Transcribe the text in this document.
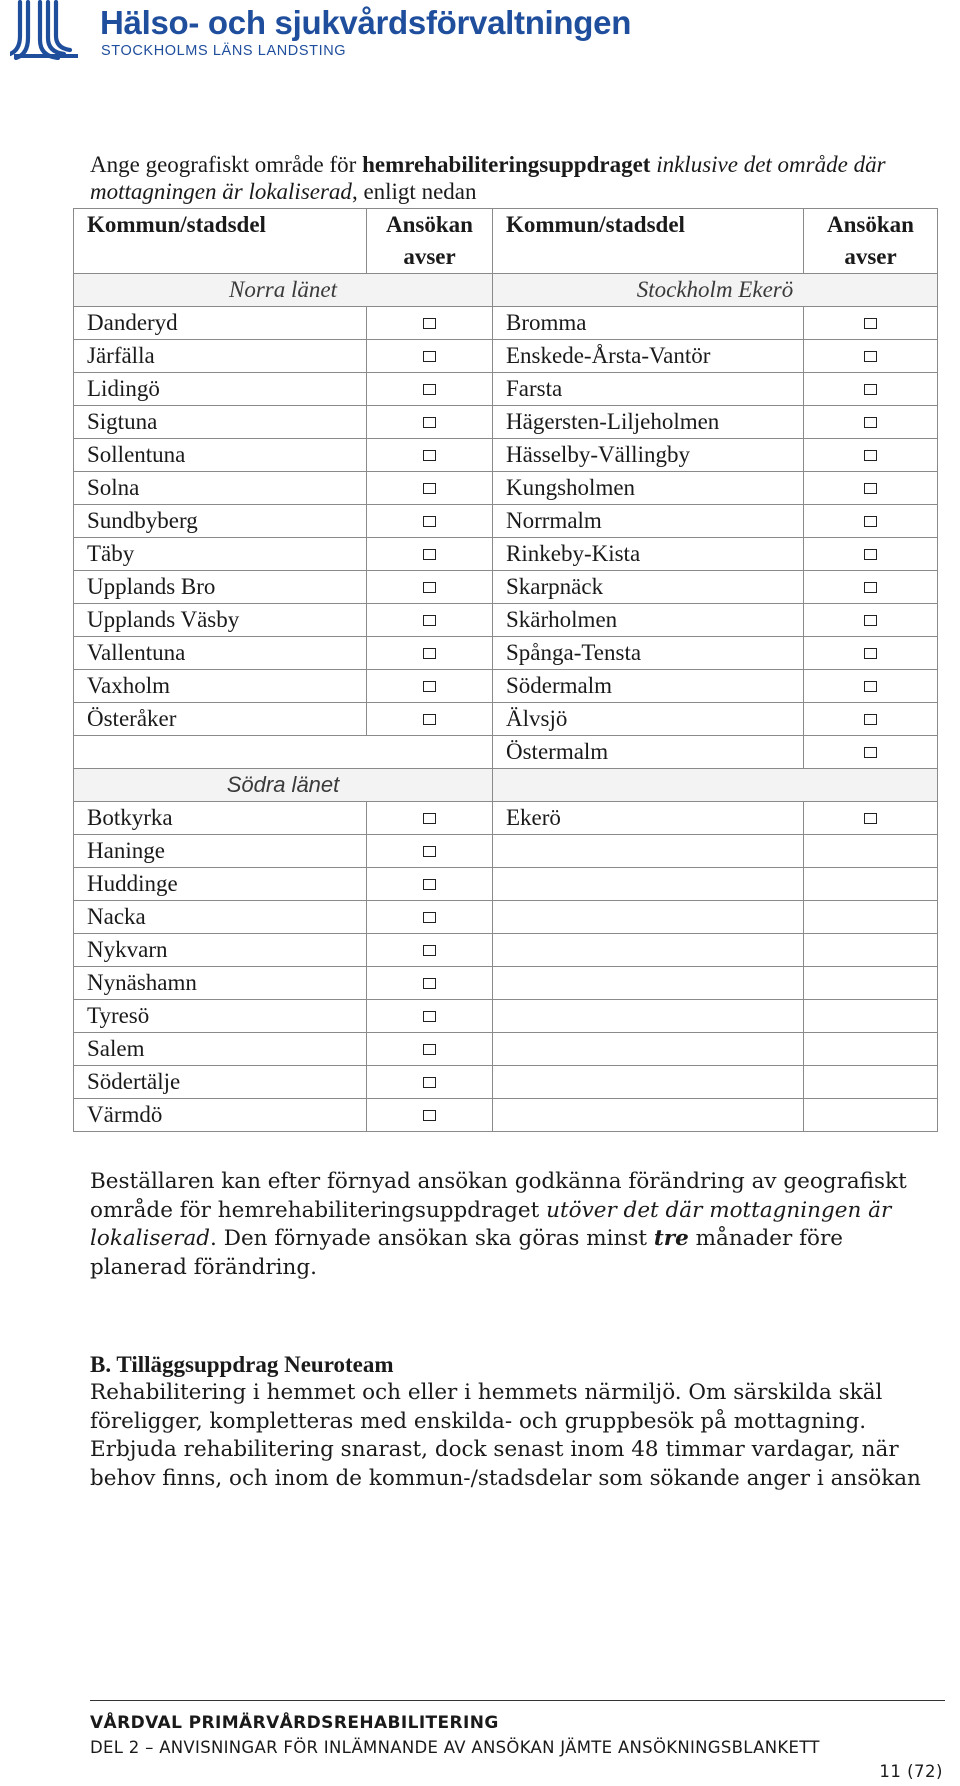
Hälso- och sjukvårdsförvaltningen
STOCKHOLMS LÄNS LANDSTING
Ange geografiskt område för hemrehabiliteringsuppdraget inklusive det område där mottagningen är lokaliserad, enligt nedan
Kommun/stadsdel	Ansökan avser	Kommun/stadsdel	Ansökan avser
Norra länet		Stockholm Ekerö	
Danderyd		Bromma	
Järfälla		Enskede-Årsta-Vantör	
Lidingö		Farsta	
Sigtuna		Hägersten-Liljeholmen	
Sollentuna		Hässelby-Vällingby	
Solna		Kungsholmen	
Sundbyberg		Norrmalm	
Täby		Rinkeby-Kista	
Upplands Bro		Skarpnäck	
Upplands Väsby		Skärholmen	
Vallentuna		Spånga-Tensta	
Vaxholm		Södermalm	
Österåker		Älvsjö	
		Östermalm	
Södra länet			
Botkyrka		Ekerö	
Haninge			
Huddinge			
Nacka			
Nykvarn			
Nynäshamn			
Tyresö			
Salem			
Södertälje			
Värmdö			
Beställaren kan efter förnyad ansökan godkänna förändring av geografiskt område för hemrehabiliteringsuppdraget utöver det där mottagningen är lokaliserad. Den förnyade ansökan ska göras minst tre månader före planerad förändring.
B. Tilläggsuppdrag Neuroteam
Rehabilitering i hemmet och eller i hemmets närmiljö. Om särskilda skäl föreligger, kompletteras med enskilda- och gruppbesök på mottagning. Erbjuda rehabilitering snarast, dock senast inom 48 timmar vardagar, när behov finns, och inom de kommun-/stadsdelar som sökande anger i ansökan
VÅRDVAL PRIMÄRVÅRDSREHABILITERING
DEL 2 – ANVISNINGAR FÖR INLÄMNANDE AV ANSÖKAN JÄMTE ANSÖKNINGSBLANKETT
11 (72)
